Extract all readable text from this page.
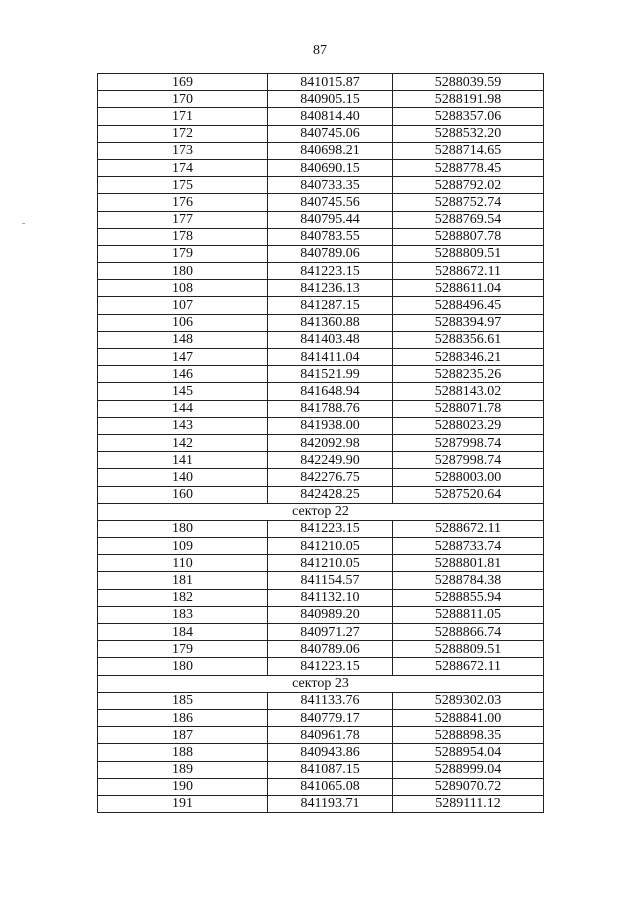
87
-
169	841015.87	5288039.59
170	840905.15	5288191.98
171	840814.40	5288357.06
172	840745.06	5288532.20
173	840698.21	5288714.65
174	840690.15	5288778.45
175	840733.35	5288792.02
176	840745.56	5288752.74
177	840795.44	5288769.54
178	840783.55	5288807.78
179	840789.06	5288809.51
180	841223.15	5288672.11
108	841236.13	5288611.04
107	841287.15	5288496.45
106	841360.88	5288394.97
148	841403.48	5288356.61
147	841411.04	5288346.21
146	841521.99	5288235.26
145	841648.94	5288143.02
144	841788.76	5288071.78
143	841938.00	5288023.29
142	842092.98	5287998.74
141	842249.90	5287998.74
140	842276.75	5288003.00
160	842428.25	5287520.64
сектор 22		
180	841223.15	5288672.11
109	841210.05	5288733.74
110	841210.05	5288801.81
181	841154.57	5288784.38
182	841132.10	5288855.94
183	840989.20	5288811.05
184	840971.27	5288866.74
179	840789.06	5288809.51
180	841223.15	5288672.11
сектор 23		
185	841133.76	5289302.03
186	840779.17	5288841.00
187	840961.78	5288898.35
188	840943.86	5288954.04
189	841087.15	5288999.04
190	841065.08	5289070.72
191	841193.71	5289111.12
